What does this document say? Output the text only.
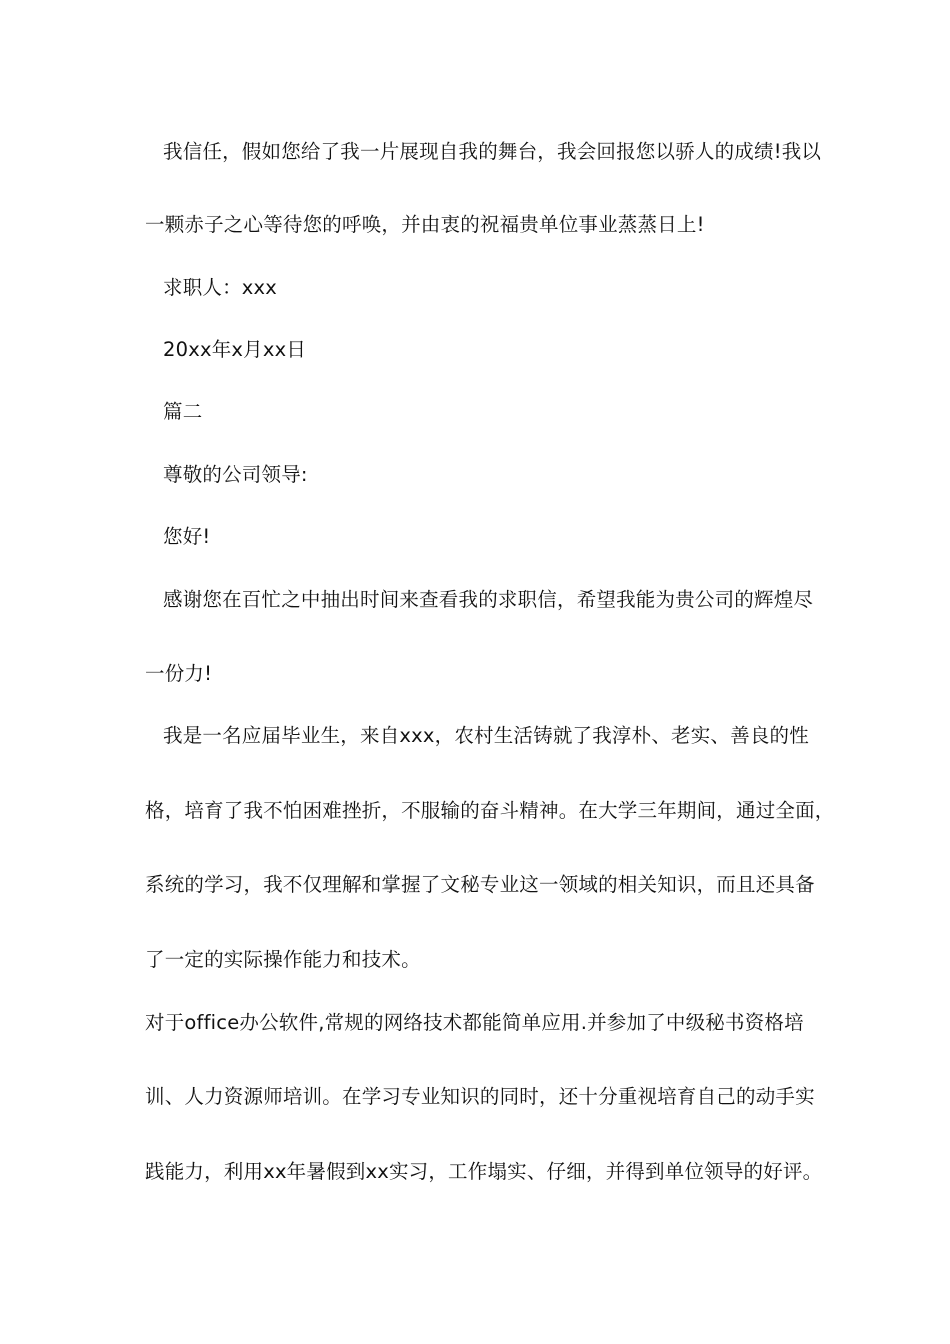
我信任，假如您给了我一片展现自我的舞台，我会回报您以骄人的成绩!我以
一颗赤子之心等待您的呼唤，并由衷的祝福贵单位事业蒸蒸日上!
求职人：xxx
20xx年x月xx日
篇二
尊敬的公司领导:
您好!
感谢您在百忙之中抽出时间来查看我的求职信，希望我能为贵公司的辉煌尽
一份力!
我是一名应届毕业生，来自xxx，农村生活铸就了我淳朴、老实、善良的性
格，培育了我不怕困难挫折，不服输的奋斗精神。在大学三年期间，通过全面，
系统的学习，我不仅理解和掌握了文秘专业这一领域的相关知识，而且还具备
了一定的实际操作能力和技术。
对于office办公软件,常规的网络技术都能简单应用.并参加了中级秘书资格培
训、人力资源师培训。在学习专业知识的同时，还十分重视培育自己的动手实
践能力，利用xx年暑假到xx实习，工作塌实、仔细，并得到单位领导的好评。
